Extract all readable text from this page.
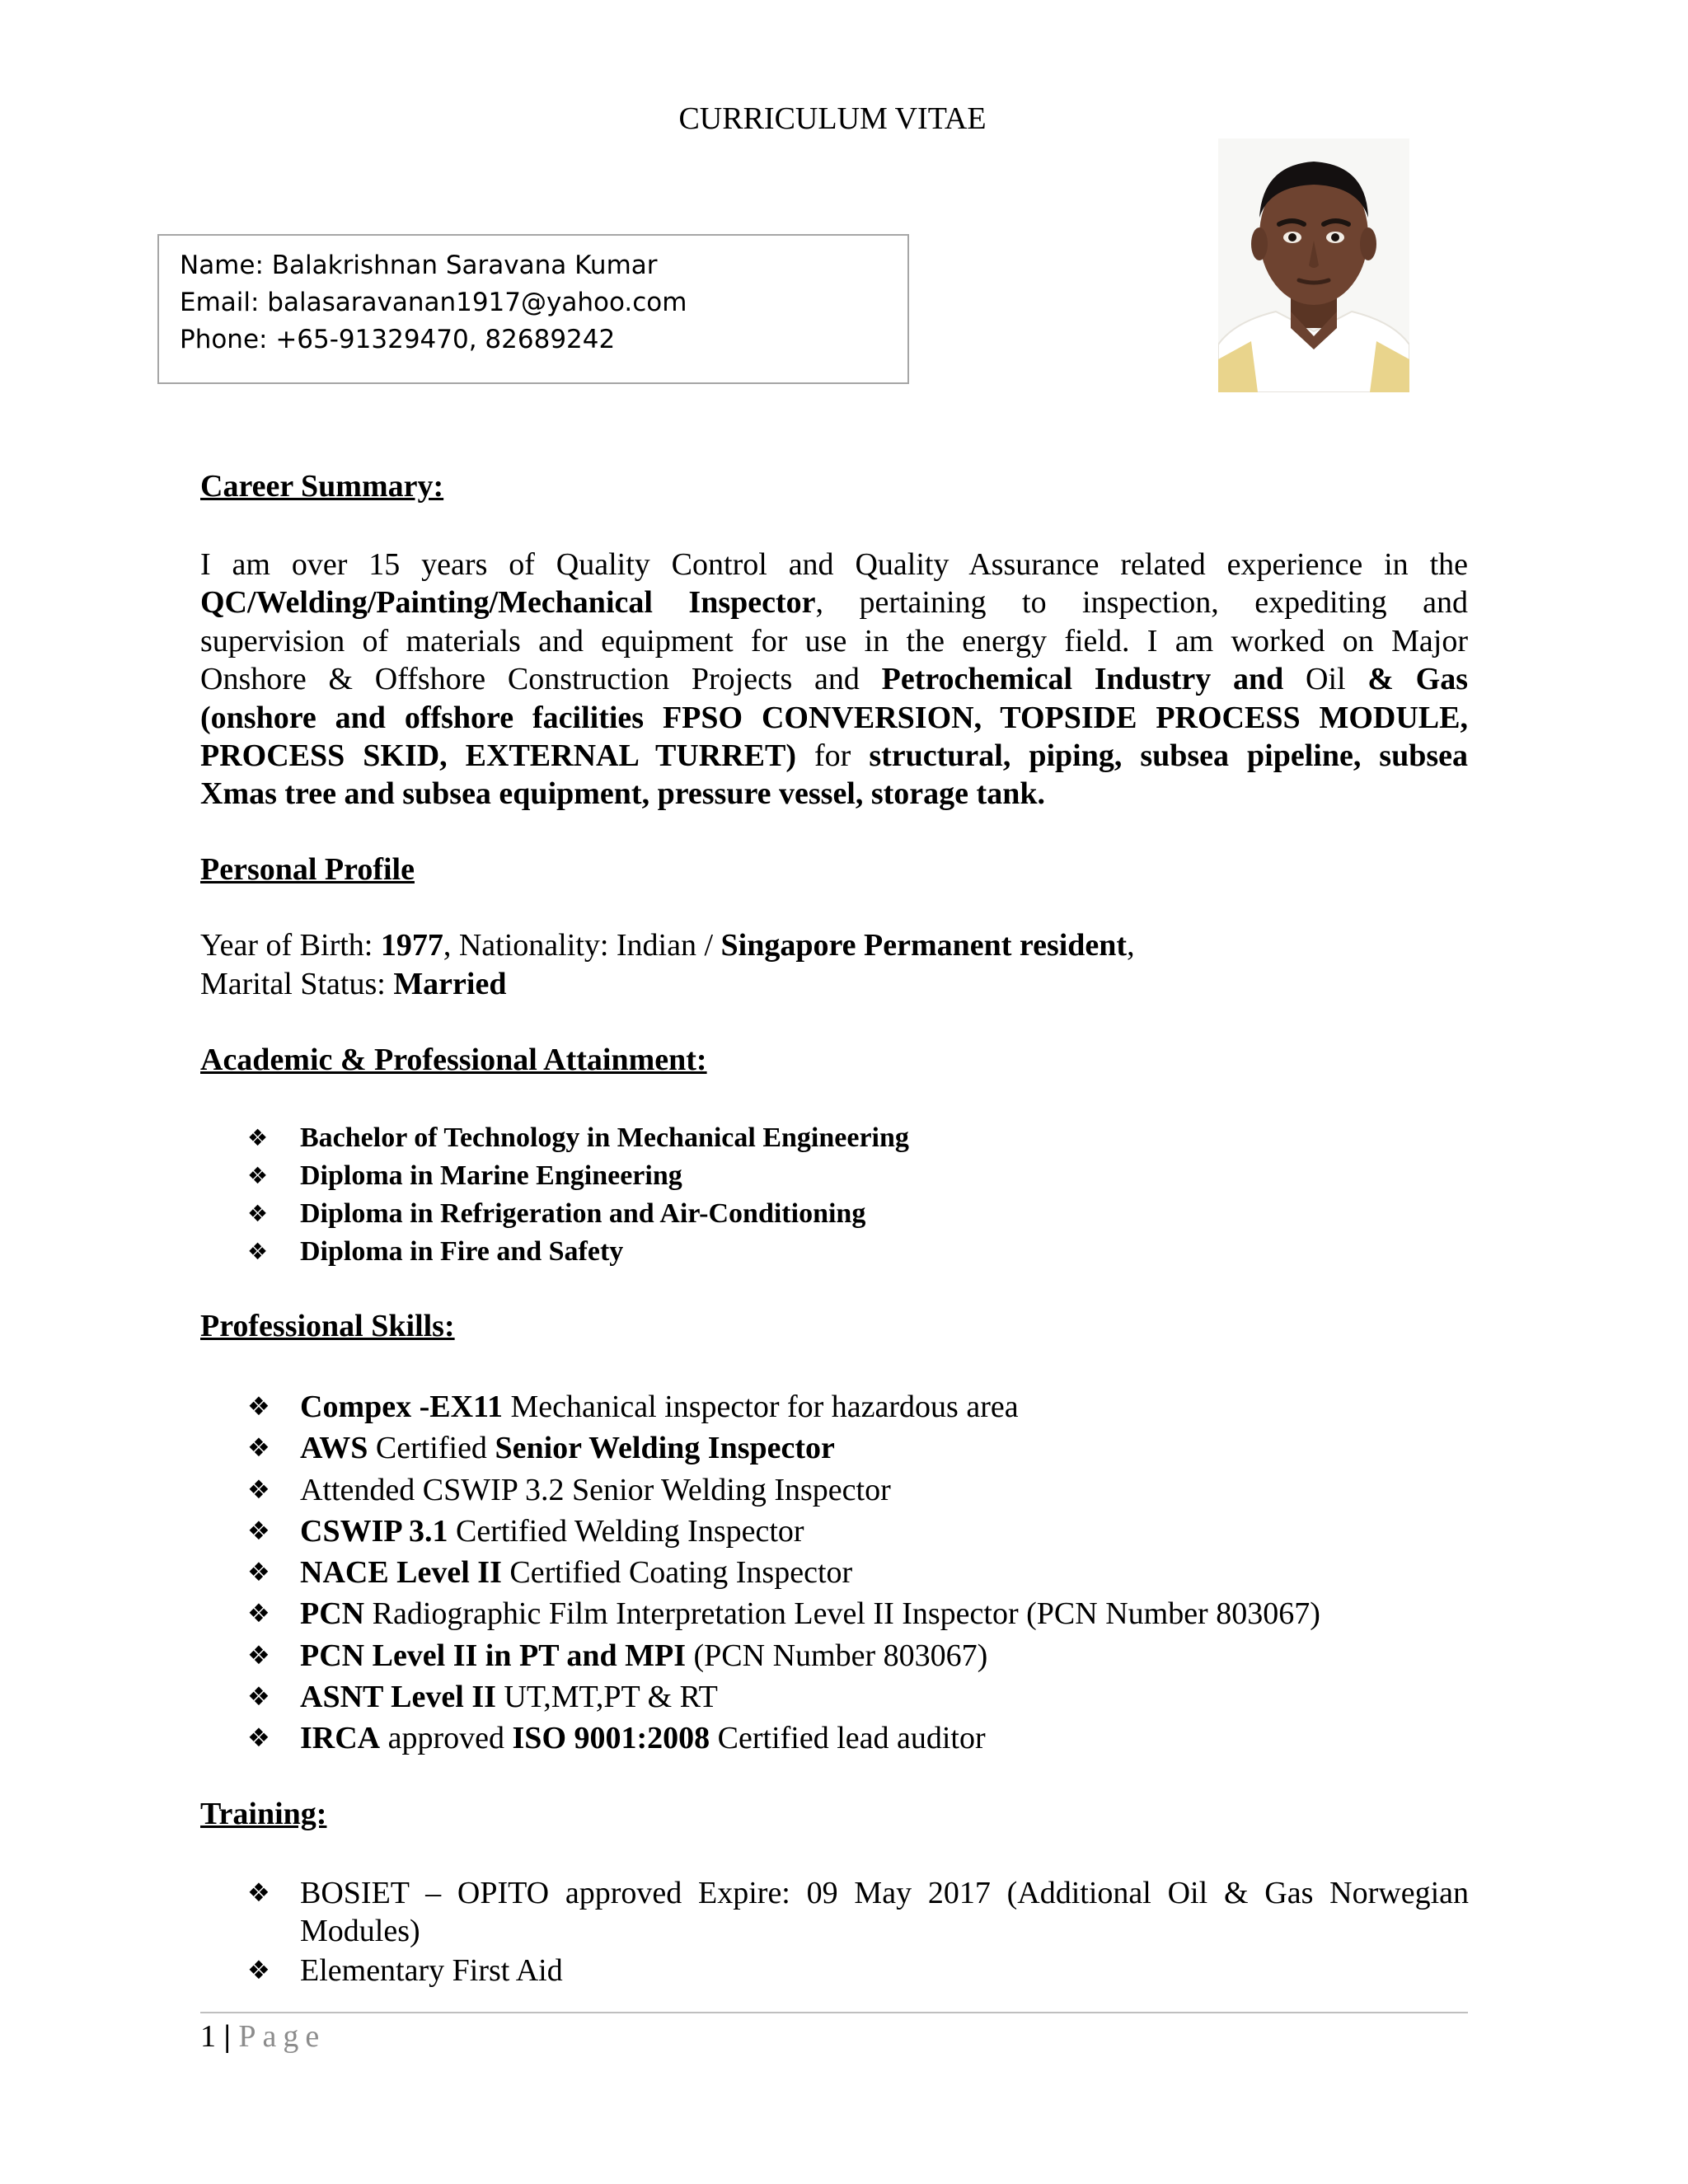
CURRICULUM VITAE
Name: Balakrishnan Saravana Kumar
Email: balasaravanan1917@yahoo.com
Phone: +65-91329470, 82689242
Career Summary:
I am over 15 years of Quality Control and Quality Assurance related experience in the
QC/Welding/Painting/Mechanical Inspector, pertaining to inspection, expediting and
supervision of materials and equipment for use in the energy field. I am worked on Major
Onshore & Offshore Construction Projects and Petrochemical Industry and Oil & Gas
(onshore and offshore facilities FPSO CONVERSION, TOPSIDE PROCESS MODULE,
PROCESS SKID, EXTERNAL TURRET) for structural, piping, subsea pipeline, subsea
Xmas tree and subsea equipment, pressure vessel, storage tank.
Personal Profile
Year of Birth: 1977, Nationality: Indian / Singapore Permanent resident,
Marital Status: Married
Academic & Professional Attainment:
❖ Bachelor of Technology in Mechanical Engineering
❖ Diploma in Marine Engineering
❖ Diploma in Refrigeration and Air-Conditioning
❖ Diploma in Fire and Safety
Professional Skills:
❖ Compex -EX11 Mechanical inspector for hazardous area
❖ AWS Certified Senior Welding Inspector
❖ Attended CSWIP 3.2 Senior Welding Inspector
❖ CSWIP 3.1 Certified Welding Inspector
❖ NACE Level II Certified Coating Inspector
❖ PCN Radiographic Film Interpretation Level II Inspector (PCN Number 803067)
❖ PCN Level II in PT and MPI (PCN Number 803067)
❖ ASNT Level II UT,MT,PT & RT
❖ IRCA approved ISO 9001:2008 Certified lead auditor
Training:
❖ BOSIET – OPITO approved Expire: 09 May 2017 (Additional Oil & Gas Norwegian
Modules)
❖ Elementary First Aid
1 | Page
